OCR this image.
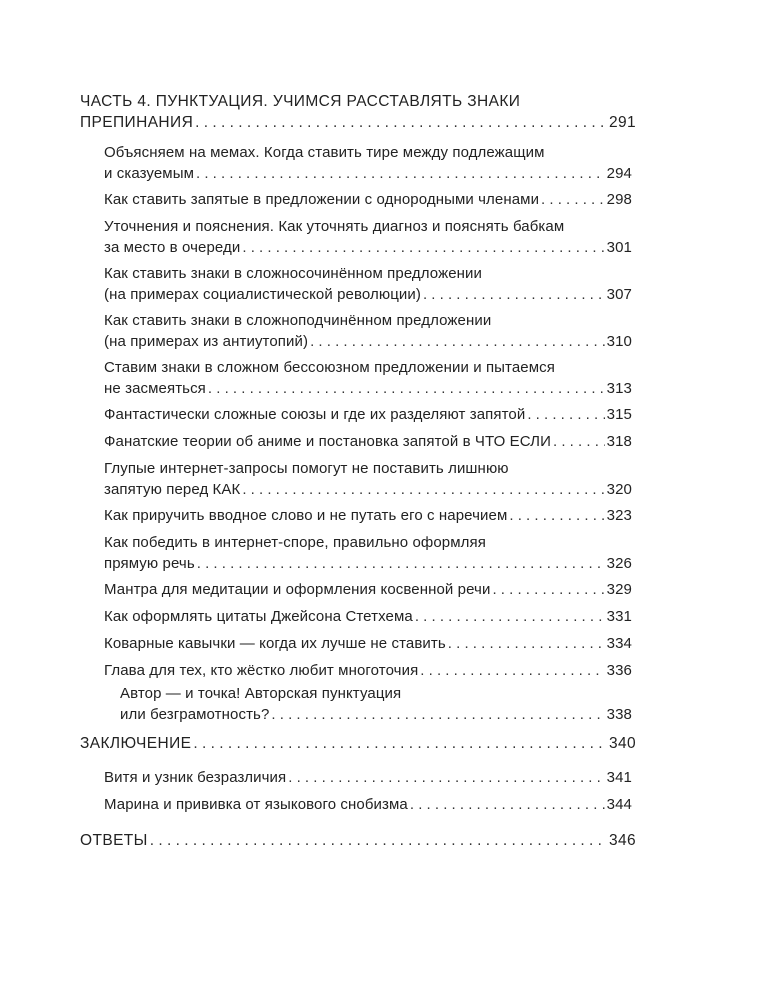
ЧАСТЬ 4. ПУНКТУАЦИЯ. УЧИМСЯ РАССТАВЛЯТЬ ЗНАКИ
ПРЕПИНАНИЯ . . .	291
Объясняем на мемах. Когда ставить тире между подлежащим
и сказуемым . . .	294
Как ставить запятые в предложении с однородными членами . . .	298
Уточнения и пояснения. Как уточнять диагноз и пояснять бабкам
за место в очереди . . .	301
Как ставить знаки в сложносочинённом предложении
(на примерах социалистической революции) . . .	307
Как ставить знаки в сложноподчинённом предложении
(на примерах из антиутопий) . . .	310
Ставим знаки в сложном бессоюзном предложении и пытаемся
не засмеяться . . .	313
Фантастически сложные союзы и где их разделяют запятой . . .	315
Фанатские теории об аниме и постановка запятой в ЧТО ЕСЛИ . . .	318
Глупые интернет-запросы помогут не поставить лишнюю
запятую перед КАК . . .	320
Как приручить вводное слово и не путать его с наречием . . .	323
Как победить в интернет-споре, правильно оформляя
прямую речь . . .	326
Мантра для медитации и оформления косвенной речи . . .	329
Как оформлять цитаты Джейсона Стетхема . . .	331
Коварные кавычки — когда их лучше не ставить . . .	334
Глава для тех, кто жёстко любит многоточия . . .	336
Автор — и точка! Авторская пунктуация
или безграмотность? . . .	338
ЗАКЛЮЧЕНИЕ . . .	340
Витя и узник безразличия . . .	341
Марина и прививка от языкового снобизма . . .	344
ОТВЕТЫ . . .	346
